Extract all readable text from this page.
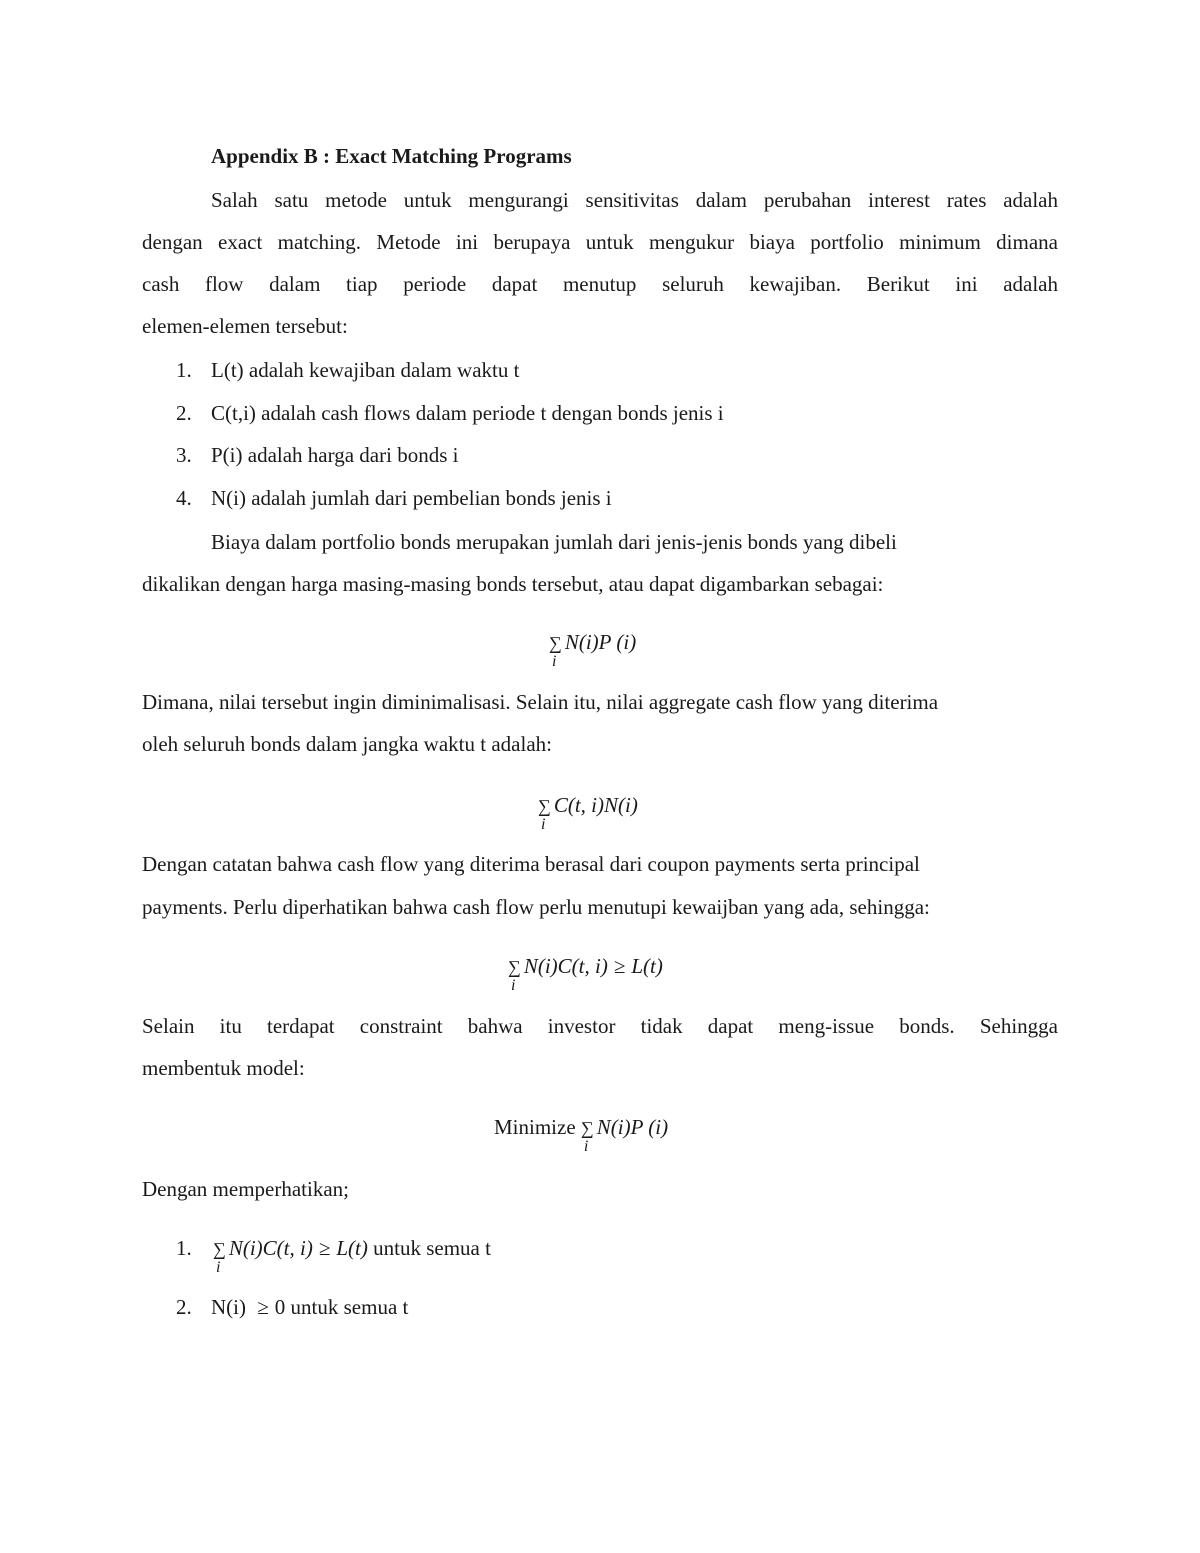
Appendix B : Exact Matching Programs

Salah satu metode untuk mengurangi sensitivitas dalam perubahan interest rates adalah

dengan exact matching. Metode ini berupaya untuk mengukur biaya portfolio minimum dimana

cash flow dalam tiap periode dapat menutup seluruh kewajiban. Berikut ini adalah

elemen-elemen tersebut:

1. L(t) adalah kewajiban dalam waktu t

2. C(t,i) adalah cash flows dalam periode t dengan bonds jenis i

3. P(i) adalah harga dari bonds i

4. N(i) adalah jumlah dari pembelian bonds jenis i

Biaya dalam portfolio bonds merupakan jumlah dari jenis-jenis bonds yang dibeli

dikalikan dengan harga masing-masing bonds tersebut, atau dapat digambarkan sebagai:

∑
i
N(i)P (i)

Dimana, nilai tersebut ingin diminimalisasi. Selain itu, nilai aggregate cash flow yang diterima

oleh seluruh bonds dalam jangka waktu t adalah:

∑
i
C(t, i)N(i)

Dengan catatan bahwa cash flow yang diterima berasal dari coupon payments serta principal

payments. Perlu diperhatikan bahwa cash flow perlu menutupi kewaijban yang ada, sehingga:

∑
i
N(i)C(t, i) ≥ L(t)

Selain itu terdapat constraint bahwa investor tidak dapat meng-issue bonds. Sehingga

membentuk model:

Minimize ∑
i
N(i)P (i)

Dengan memperhatikan;

1. ∑
i
N(i)C(t, i) ≥ L(t) untuk semua t

2. N(i) ≥ 0 untuk semua t
